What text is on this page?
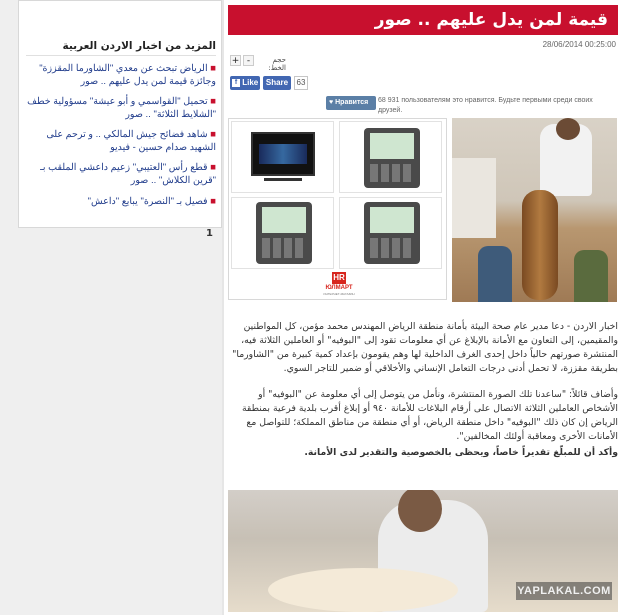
المزيد من اخبار الاردن العربية
■ الرياض تبحث عن معدي "الشاورما المقززة" وجائزة قيمة لمن يدل عليهم .. صور
■ تحميل "القواسمي و أبو عيشة" مسؤولية خطف "الشلايط الثلاثة" .. صور
■ شاهد فضائح جيش المالكي .. و ترحم على الشهيد صدام حسين - فيديو
■ قطع رأس "العتيبي" زعيم داعشي الملقب بـ "قرين الكلاش" .. صور
■ فصيل بـ "النصرة" يبايع "داعش"
1
قيمة لمن يدل عليهم .. صور
28/06/2014 00:25:00
+ -	حجم الخط:
f Like Share	63
♥ Нравится	68 931 пользователям это нравится. Будьте первыми среди своих друзей.
HR
ЮЛМАРТ
ИНТЕРНЕТ-МАГАЗИН
اخبار الاردن - دعا مدير عام صحة البيئة بأمانة منطقة الرياض المهندس محمد مؤمن، كل المواطنين والمقيمين، إلى التعاون مع الأمانة بالإبلاغ عن أي معلومات تقود إلى "البوفيه" أو العاملين الثلاثة فيه، المنتشرة صورتهم حالياً داخل إحدى الغرف الداخلية لها وهم يقومون بإعداد كمية كبيرة من "الشاورما" بطريقة مقززة، لا تحمل أدنى درجات التعامل الإنساني والأخلاقي أو ضمير للتاجر السوي.
وأضاف قائلاً: "ساعدنا تلك الصورة المنتشرة، ونأمل من يتوصل إلى أي معلومة عن "البوفيه" أو الأشخاص العاملين الثلاثة الاتصال على أرقام البلاغات للأمانة ٩٤٠ أو إبلاغ أقرب بلدية فرعية بمنطقة الرياض إن كان ذلك "البوفيه" داخل منطقة الرياض، أو أي منطقة من مناطق المملكة؛ للتواصل مع الأمانات الأخرى ومعاقبة أولئك المخالفين".
وأكد أن للمبلّغ تقديراً خاصاً، ويحظى بالخصوصية والتقدير لدى الأمانة.
YAPLAKAL.COM
